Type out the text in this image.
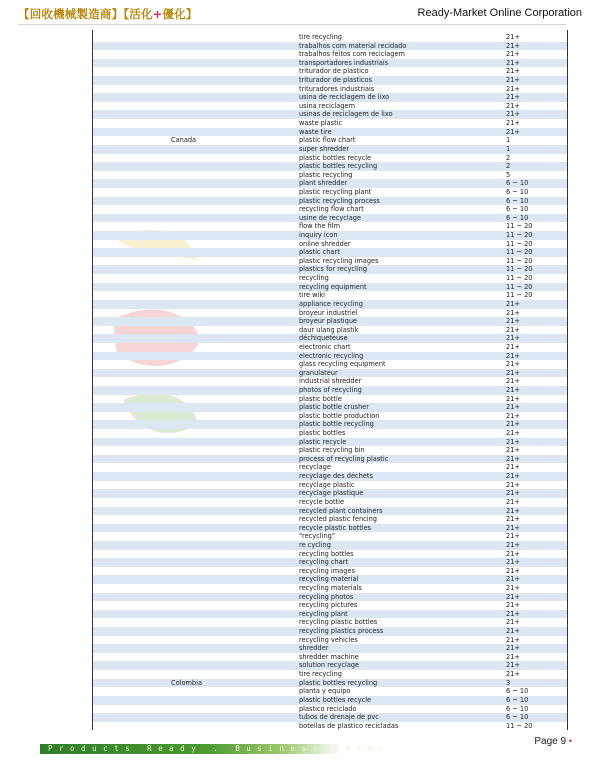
【回收機械製造商】【活化+優化】	Ready-Market Online Corporation
tire recycling	21+
trabalhos com material recidado	21+
trabalhos feitos com reciclagem	21+
transportadores industriais	21+
triturador de plastico	21+
triturador de plasticos	21+
trituradores industriais	21+
usina de reciclagem de lixo	21+
usina reciclagem	21+
usinas de reciclagem de lixo	21+
waste plastic	21+
waste tire	21+
Canada	plastic flow chart	1
super shredder	1
plastic bottles recycle	2
plastic bottles recycling	2
plastic recycling	5
plant shredder	6 ~ 10
plastic recycling plant	6 ~ 10
plastic recycling process	6 ~ 10
recycling flow chart	6 ~ 10
usine de recyclage	6 ~ 10
flow the film	11 ~ 20
inquiry icon	11 ~ 20
online shredder	11 ~ 20
plastic chart	11 ~ 20
plastic recycling images	11 ~ 20
plastics for recycling	11 ~ 20
recycling	11 ~ 20
recycling equipment	11 ~ 20
tire wiki	11 ~ 20
appliance recycling	21+
broyeur industriel	21+
broyeur plastique	21+
daur ulang plastik	21+
déchiqueteuse	21+
electronic chart	21+
electronic recycling	21+
glass recycling equipment	21+
granulateur	21+
industrial shredder	21+
photos of recycling	21+
plastic bottle	21+
plastic bottle crusher	21+
plastic bottle production	21+
plastic bottle recycling	21+
plastic bottles	21+
plastic recycle	21+
plastic recycling bin	21+
process of recycling plastic	21+
recyclage	21+
recyclage des déchets	21+
recyclage plastic	21+
recyclage plastique	21+
recycle bottle	21+
recycled plant containers	21+
recycled plastic fencing	21+
recycle plastic bottles	21+
"recycling"	21+
re cycling	21+
recycling bottles	21+
recycling chart	21+
recycling images	21+
recycling material	21+
recycling materials	21+
recycling photos	21+
recycling pictures	21+
recycling plant	21+
recycling plastic bottles	21+
recycling plastics process	21+
recycling vehicles	21+
shredder	21+
shredder machine	21+
solution recyclage	21+
tire recycling	21+
Colombia	plastic bottles recycling	3
planta y equipo	6 ~ 10
plastic bottles recycle	6 ~ 10
plastico reciclado	6 ~ 10
tubos de drenaje de pvc	6 ~ 10
botellas de plastico recicladas	11 ~ 20
Page 9 •
Products Ready . Business Ready
